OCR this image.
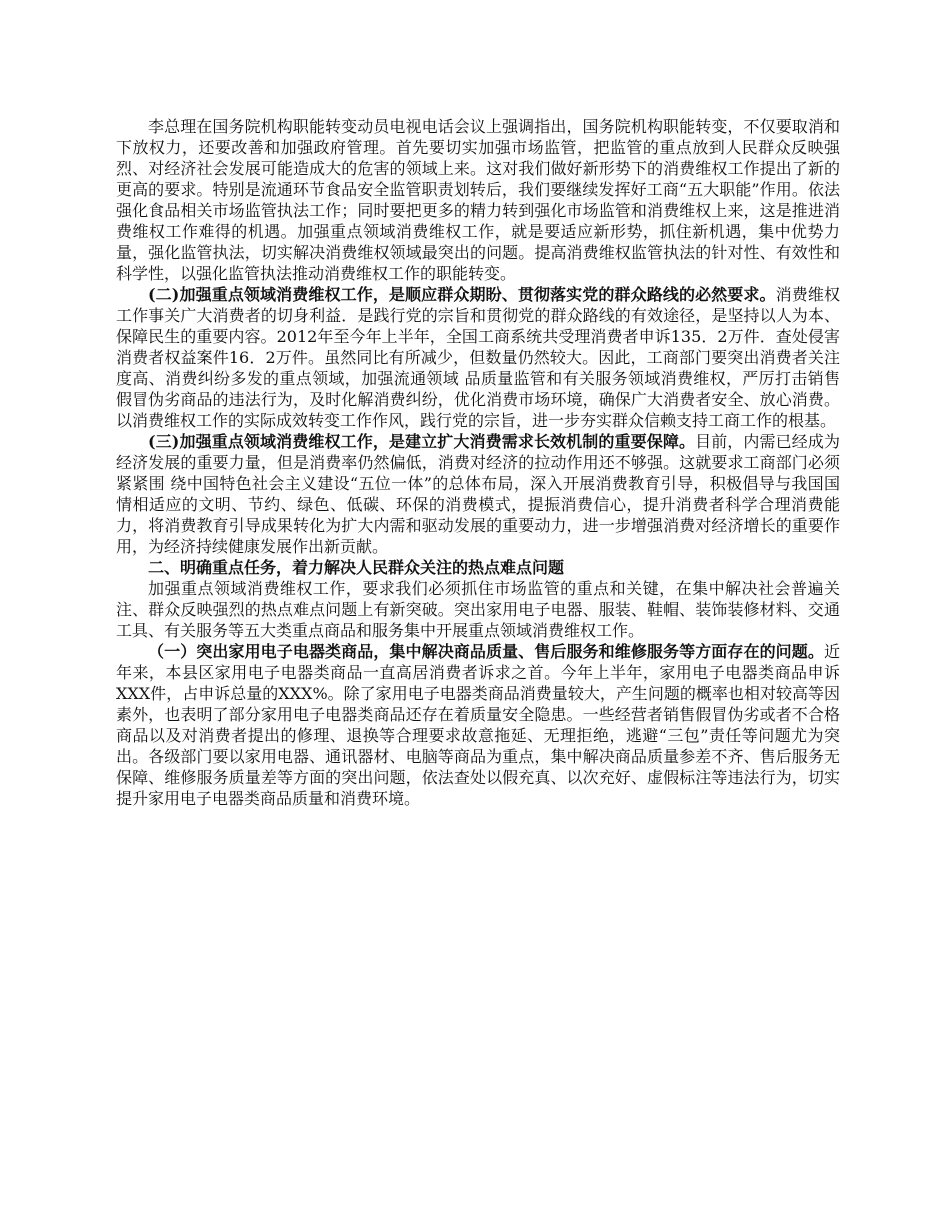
李总理在国务院机构职能转变动员电视电话会议上强调指出，国务院机构职能转变，不仅要取消和下放权力，还要改善和加强政府管理。首先要切实加强市场监管，把监管的重点放到人民群众反映强烈、对经济社会发展可能造成大的危害的领域上来。这对我们做好新形势下的消费维权工作提出了新的更高的要求。特别是流通环节食品安全监管职责划转后，我们要继续发挥好工商“五大职能”作用。依法强化食品相关市场监管执法工作；同时要把更多的精力转到强化市场监管和消费维权上来，这是推进消费维权工作难得的机遇。加强重点领域消费维权工作，就是要适应新形势，抓住新机遇，集中优势力量，强化监管执法，切实解决消费维权领域最突出的问题。提高消费维权监管执法的针对性、有效性和科学性，以强化监管执法推动消费维权工作的职能转变。

(二)加强重点领域消费维权工作，是顺应群众期盼、贯彻落实党的群众路线的必然要求。消费维权工作事关广大消费者的切身利益．是践行党的宗旨和贯彻党的群众路线的有效途径，是坚持以人为本、保障民生的重要内容。2012年至今年上半年，全国工商系统共受理消费者申诉135．2万件．查处侵害消费者权益案件16．2万件。虽然同比有所减少，但数量仍然较大。因此，工商部门要突出消费者关注度高、消费纠纷多发的重点领域，加强流通领域 品质量监管和有关服务领域消费维权，严厉打击销售 假冒伪劣商品的违法行为，及时化解消费纠纷，优化消费市场环境，确保广大消费者安全、放心消费。以消费维权工作的实际成效转变工作作风，践行党的宗旨，进一步夯实群众信赖支持工商工作的根基。

(三)加强重点领域消费维权工作，是建立扩大消费需求长效机制的重要保障。目前，内需已经成为经济发展的重要力量，但是消费率仍然偏低，消费对经济的拉动作用还不够强。这就要求工商部门必须紧紧围 绕中国特色社会主义建设“五位一体”的总体布局，深入开展消费教育引导，积极倡导与我国国情相适应的文明、节约、绿色、低碳、环保的消费模式，提振消费信心，提升消费者科学合理消费能力，将消费教育引导成果转化为扩大内需和驱动发展的重要动力，进一步增强消费对经济增长的重要作用，为经济持续健康发展作出新贡献。

二、明确重点任务，着力解决人民群众关注的热点难点问题

加强重点领域消费维权工作，要求我们必须抓住市场监管的重点和关键，在集中解决社会普遍关注、群众反映强烈的热点难点问题上有新突破。突出家用电子电器、服装、鞋帽、装饰装修材料、交通 工具、有关服务等五大类重点商品和服务集中开展重点领域消费维权工作。

（一）突出家用电子电器类商品，集中解决商品质量、售后服务和维修服务等方面存在的问题。近年来，本县区家用电子电器类商品一直高居消费者诉求之首。今年上半年，家用电子电器类商品申诉XXX件，占申诉总量的XXX%。除了家用电子电器类商品消费量较大，产生问题的概率也相对较高等因素外，也表明了部分家用电子电器类商品还存在着质量安全隐患。一些经营者销售假冒伪劣或者不合格商品以及对消费者提出的修理、退换等合理要求故意拖延、无理拒绝，逃避“三包”责任等问题尤为突出。各级部门要以家用电器、通讯器材、电脑等商品为重点，集中解决商品质量参差不齐、售后服务无保障、维修服务质量差等方面的突出问题，依法查处以假充真、以次充好、虚假标注等违法行为，切实提升家用电子电器类商品质量和消费环境。
